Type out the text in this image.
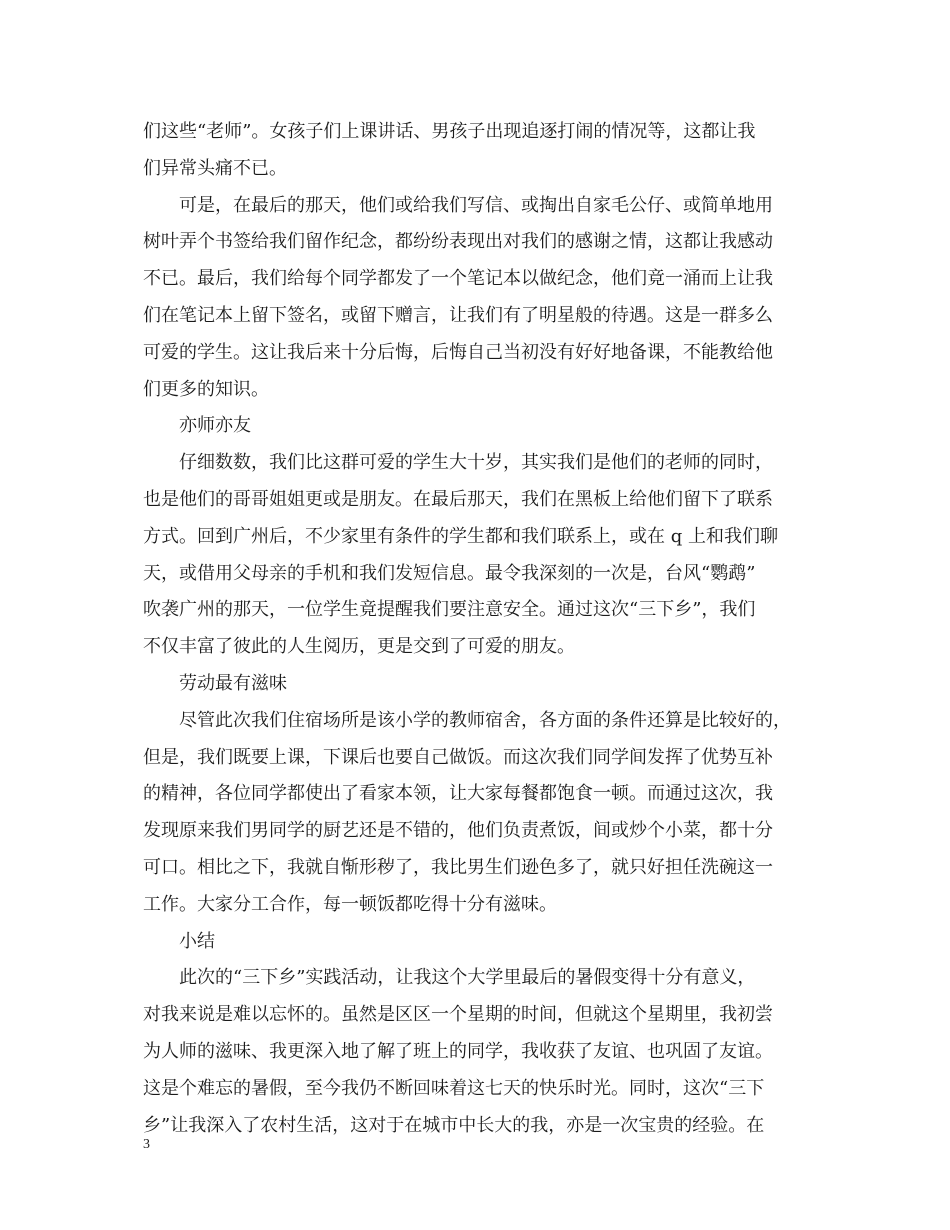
们这些“老师”。女孩子们上课讲话、男孩子出现追逐打闹的情况等，这都让我
们异常头痛不已。
可是，在最后的那天，他们或给我们写信、或掏出自家毛公仔、或简单地用
树叶弄个书签给我们留作纪念，都纷纷表现出对我们的感谢之情，这都让我感动
不已。最后，我们给每个同学都发了一个笔记本以做纪念，他们竟一涌而上让我
们在笔记本上留下签名，或留下赠言，让我们有了明星般的待遇。这是一群多么
可爱的学生。这让我后来十分后悔，后悔自己当初没有好好地备课，不能教给他
们更多的知识。
亦师亦友
仔细数数，我们比这群可爱的学生大十岁，其实我们是他们的老师的同时，
也是他们的哥哥姐姐更或是朋友。在最后那天，我们在黑板上给他们留下了联系
方式。回到广州后，不少家里有条件的学生都和我们联系上，或在 q 上和我们聊
天，或借用父母亲的手机和我们发短信息。最令我深刻的一次是，台风“鹦鹉”
吹袭广州的那天，一位学生竟提醒我们要注意安全。通过这次“三下乡”，我们
不仅丰富了彼此的人生阅历，更是交到了可爱的朋友。
劳动最有滋味
尽管此次我们住宿场所是该小学的教师宿舍，各方面的条件还算是比较好的，
但是，我们既要上课，下课后也要自己做饭。而这次我们同学间发挥了优势互补
的精神，各位同学都使出了看家本领，让大家每餐都饱食一顿。而通过这次，我
发现原来我们男同学的厨艺还是不错的，他们负责煮饭，间或炒个小菜，都十分
可口。相比之下，我就自惭形秽了，我比男生们逊色多了，就只好担任洗碗这一
工作。大家分工合作，每一顿饭都吃得十分有滋味。
小结
此次的“三下乡”实践活动，让我这个大学里最后的暑假变得十分有意义，
对我来说是难以忘怀的。虽然是区区一个星期的时间，但就这个星期里，我初尝
为人师的滋味、我更深入地了解了班上的同学，我收获了友谊、也巩固了友谊。
这是个难忘的暑假，至今我仍不断回味着这七天的快乐时光。同时，这次“三下
乡”让我深入了农村生活，这对于在城市中长大的我，亦是一次宝贵的经验。在
3
